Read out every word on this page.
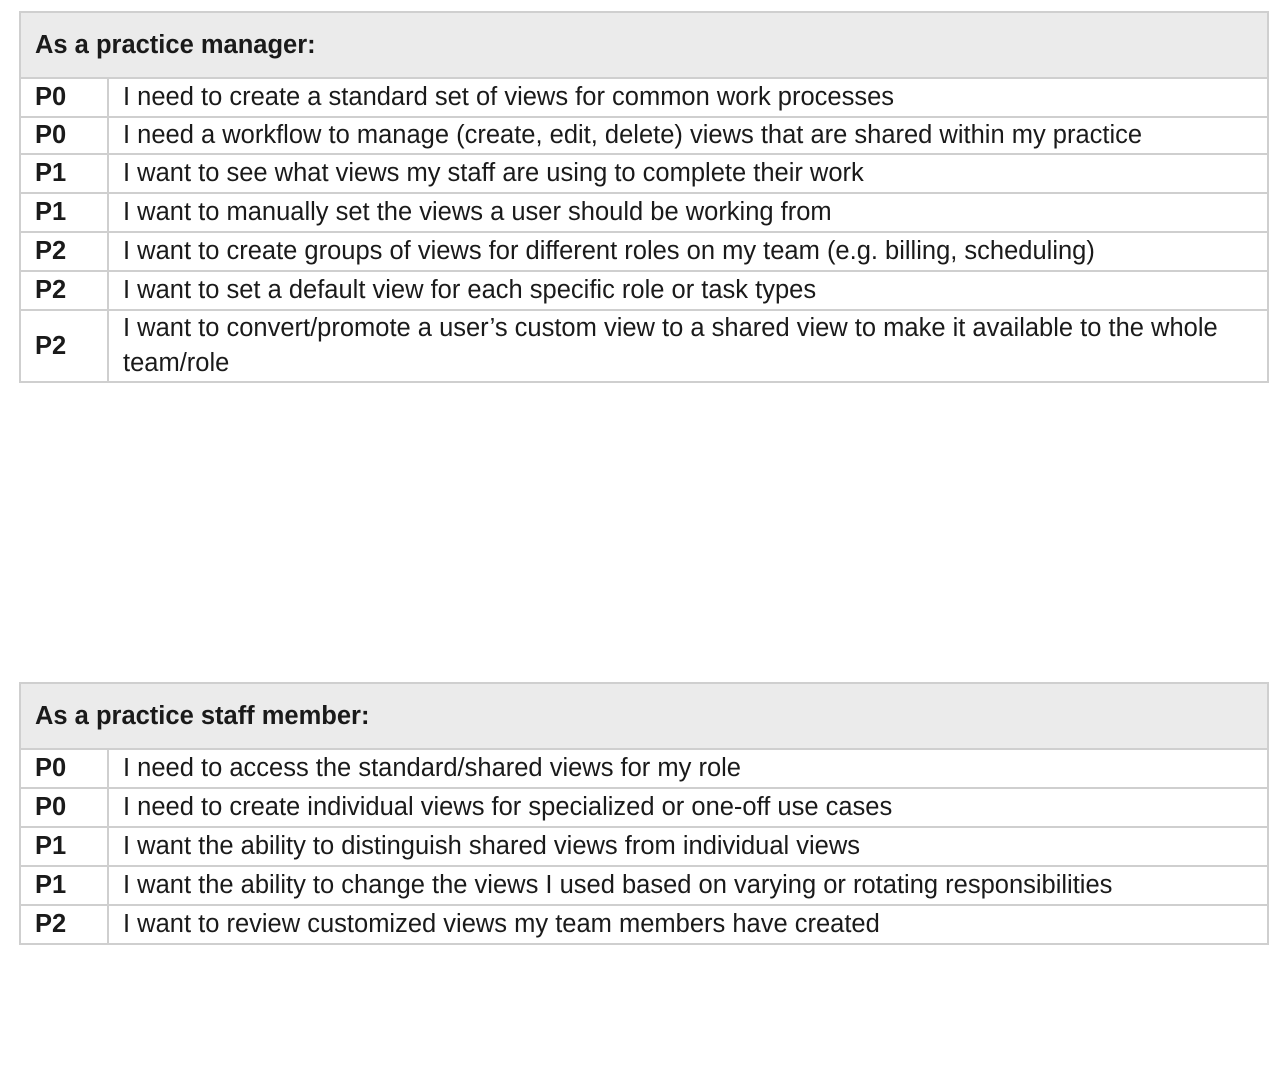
As a practice manager:	
P0	I need to create a standard set of views for common work processes
P0	I need a workflow to manage (create, edit, delete) views that are shared within my practice
P1	I want to see what views my staff are using to complete their work
P1	I want to manually set the views a user should be working from
P2	I want to create groups of views for different roles on my team (e.g. billing, scheduling)
P2	I want to set a default view for each specific role or task types
P2	I want to convert/promote a user’s custom view to a shared view to make it available to the whole team/role
As a practice staff member:	
P0	I need to access the standard/shared views for my role
P0	I need to create individual views for specialized or one-off use cases
P1	I want the ability to distinguish shared views from individual views
P1	I want the ability to change the views I used based on varying or rotating responsibilities
P2	I want to review customized views my team members have created
